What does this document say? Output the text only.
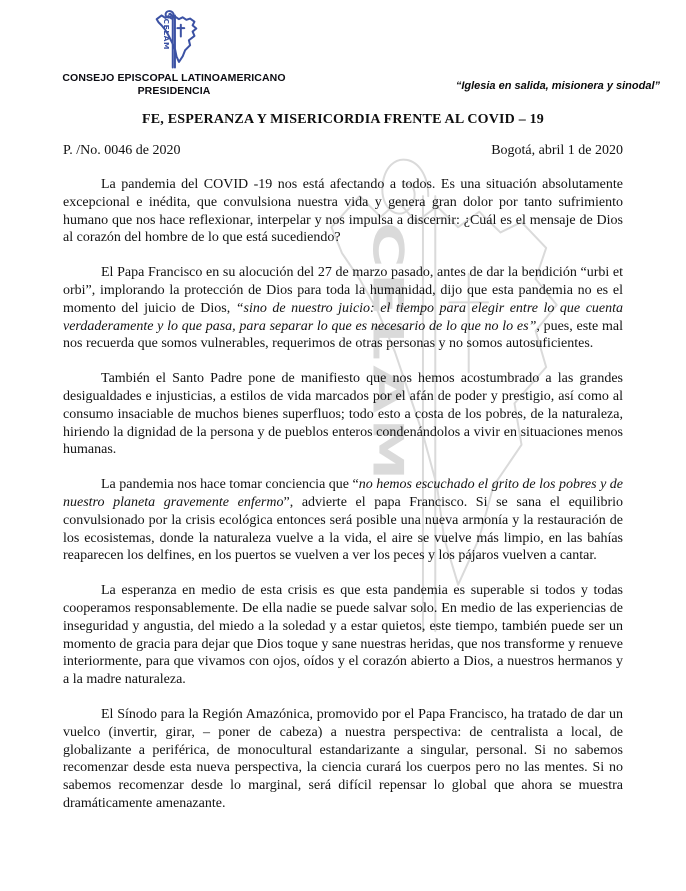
CONSEJO EPISCOPAL LATINOAMERICANO
PRESIDENCIA	“Iglesia en salida, misionera y sinodal”
FE, ESPERANZA Y MISERICORDIA FRENTE AL COVID – 19
P. /No. 0046 de 2020	Bogotá, abril 1 de 2020

La pandemia del COVID -19 nos está afectando a todos. Es una situación absolutamente excepcional e inédita, que convulsiona nuestra vida y genera gran dolor por tanto sufrimiento humano que nos hace reflexionar, interpelar y nos impulsa a discernir: ¿Cuál es el mensaje de Dios al corazón del hombre de lo que está sucediendo?

El Papa Francisco en su alocución del 27 de marzo pasado, antes de dar la bendición “urbi et orbi”, implorando la protección de Dios para toda la humanidad, dijo que esta pandemia no es el momento del juicio de Dios, “sino de nuestro juicio: el tiempo para elegir entre lo que cuenta verdaderamente y lo que pasa, para separar lo que es necesario de lo que no lo es”, pues, este mal nos recuerda que somos vulnerables, requerimos de otras personas y no somos autosuficientes.

También el Santo Padre pone de manifiesto que nos hemos acostumbrado a las grandes desigualdades e injusticias, a estilos de vida marcados por el afán de poder y prestigio, así como al consumo insaciable de muchos bienes superfluos; todo esto a costa de los pobres, de la naturaleza, hiriendo la dignidad de la persona y de pueblos enteros condenándolos a vivir en situaciones menos humanas.

La pandemia nos hace tomar conciencia que “no hemos escuchado el grito de los pobres y de nuestro planeta gravemente enfermo”, advierte el papa Francisco. Si se sana el equilibrio convulsionado por la crisis ecológica entonces será posible una nueva armonía y la restauración de los ecosistemas, donde la naturaleza vuelve a la vida, el aire se vuelve más limpio, en las bahías reaparecen los delfines, en los puertos se vuelven a ver los peces y los pájaros vuelven a cantar.

La esperanza en medio de esta crisis es que esta pandemia es superable si todos y todas cooperamos responsablemente. De ella nadie se puede salvar solo. En medio de las experiencias de inseguridad y angustia, del miedo a la soledad y a estar quietos, este tiempo, también puede ser un momento de gracia para dejar que Dios toque y sane nuestras heridas, que nos transforme y renueve interiormente, para que vivamos con ojos, oídos y el corazón abierto a Dios, a nuestros hermanos y a la madre naturaleza.

El Sínodo para la Región Amazónica, promovido por el Papa Francisco, ha tratado de dar un vuelco (invertir, girar, – poner de cabeza) a nuestra perspectiva: de centralista a local, de globalizante a periférica, de monocultural estandarizante a singular, personal. Si no sabemos recomenzar desde esta nueva perspectiva, la ciencia curará los cuerpos pero no las mentes. Si no sabemos recomenzar desde lo marginal, será difícil repensar lo global que ahora se muestra dramáticamente amenazante.
